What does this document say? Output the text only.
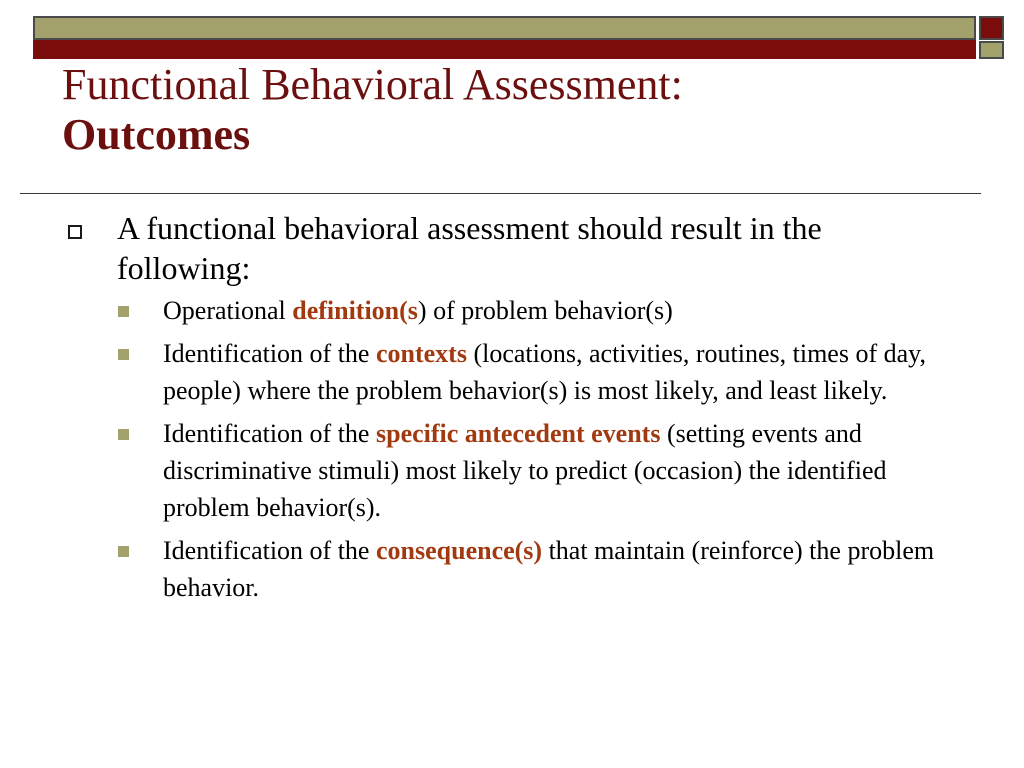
Functional Behavioral Assessment:
Outcomes
A functional behavioral assessment should result in the following:
Operational definition(s) of problem behavior(s)
Identification of the contexts (locations, activities, routines, times of day, people) where the problem behavior(s) is most likely, and least likely.
Identification of the specific antecedent events (setting events and discriminative stimuli) most likely to predict (occasion) the identified problem behavior(s).
Identification of the consequence(s) that maintain (reinforce) the problem behavior.
